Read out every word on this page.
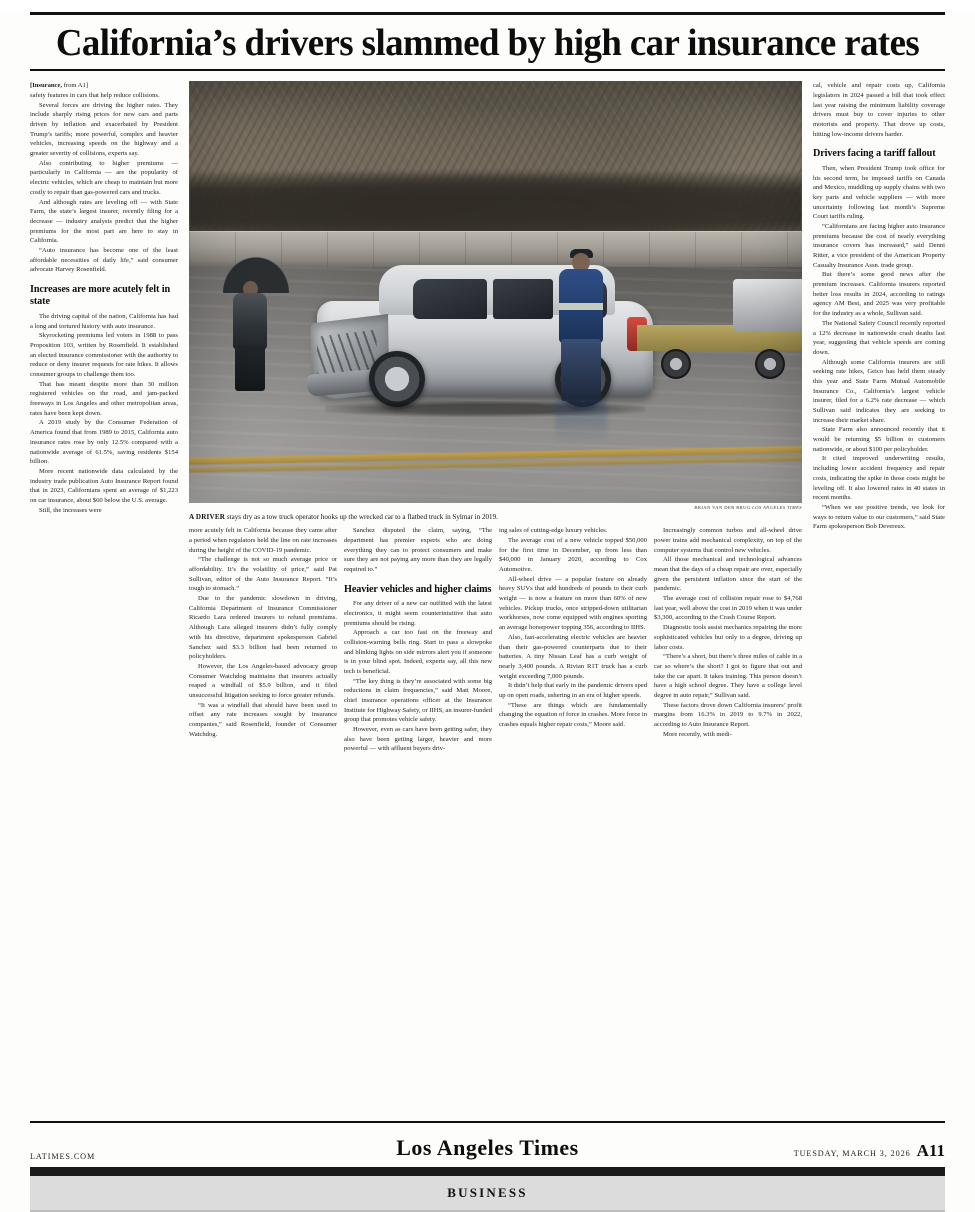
California’s drivers slammed by high car insurance rates
BRIAN VAN DER BRUG LOS ANGELES TIMES
A DRIVER stays dry as a tow truck operator hooks up the wrecked car to a flatbed truck in Sylmar in 2019.

[Insurance, from A1]

safety features in cars that help reduce collisions.

Several forces are driving the higher rates. They include sharply rising prices for new cars and parts driven by inflation and exacerbated by President Trump’s tariffs; more powerful, complex and heavier vehicles, increasing speeds on the highway and a greater severity of collisions, experts say.

Also contributing to higher premiums — particularly in California — are the popularity of electric vehicles, which are cheap to maintain but more costly to repair than gas-powered cars and trucks.

And although rates are leveling off — with State Farm, the state’s largest insurer, recently filing for a decrease — industry analysts predict that the higher premiums for the most part are here to stay in California.

“Auto insurance has become one of the least affordable necessities of daily life,” said consumer advocate Harvey Rosenfield.

Increases are more acutely felt in state

The driving capital of the nation, California has had a long and tortured history with auto insurance.

Skyrocketing premiums led voters in 1988 to pass Proposition 103, written by Rosenfield. It established an elected insurance commissioner with the authority to reduce or deny insurer requests for rate hikes. It allows consumer groups to challenge them too.

That has meant despite more than 30 million registered vehicles on the road, and jam-packed freeways in Los Angeles and other metropolitan areas, rates have been kept down.

A 2019 study by the Consumer Federation of America found that from 1989 to 2015, California auto insurance rates rose by only 12.5% compared with a nationwide average of 61.5%, saving residents $154 billion.

More recent nationwide data calculated by the industry trade publication Auto Insurance Report found that in 2023, Californians spent an average of $1,223 on car insurance, about $60 below the U.S. average.

Still, the increases were

more acutely felt in California because they came after a period when regulators held the line on rate increases during the height of the COVID-19 pandemic.

“The challenge is not so much average price or affordability. It’s the volatility of price,” said Pat Sullivan, editor of the Auto Insurance Report. “It’s tough to stomach.”

Due to the pandemic slowdown in driving, California Department of Insurance Commissioner Ricardo Lara ordered insurers to refund premiums. Although Lara alleged insurers didn’t fully comply with his directive, department spokesperson Gabriel Sanchez said $3.3 billion had been returned to policyholders.

However, the Los Angeles-based advocacy group Consumer Watchdog maintains that insurers actually reaped a windfall of $5.9 billion, and it filed unsuccessful litigation seeking to force greater refunds.

“It was a windfall that should have been used to offset any rate increases sought by insurance companies,” said Rosenfield, founder of Consumer Watchdog.

Sanchez disputed the claim, saying, “The department has premier experts who are doing everything they can to protect consumers and make sure they are not paying any more than they are legally required to.”

Heavier vehicles and higher claims

For any driver of a new car outfitted with the latest electronics, it might seem counterintuitive that auto premiums should be rising.

Approach a car too fast on the freeway and collision-warning bells ring. Start to pass a slowpoke and blinking lights on side mirrors alert you if someone is in your blind spot. Indeed, experts say, all this new tech is beneficial.

“The key thing is they’re associated with some big reductions in claim frequencies,” said Matt Moore, chief insurance operations officer at the Insurance Institute for Highway Safety, or IIHS, an insurer-funded group that promotes vehicle safety.

However, even as cars have been getting safer, they also have been getting larger, heavier and more powerful — with affluent buyers driv-

ing sales of cutting-edge luxury vehicles.

The average cost of a new vehicle topped $50,000 for the first time in December, up from less than $40,000 in January 2020, according to Cox Automotive.

All-wheel drive — a popular feature on already heavy SUVs that add hundreds of pounds to their curb weight — is now a feature on more than 60% of new vehicles. Pickup trucks, once stripped-down utilitarian workhorses, now come equipped with engines sporting an average horsepower topping 356, according to IIHS.

Also, fast-accelerating electric vehicles are heavier than their gas-powered counterparts due to their batteries. A tiny Nissan Leaf has a curb weight of nearly 3,400 pounds. A Rivian R1T truck has a curb weight exceeding 7,000 pounds.

It didn’t help that early in the pandemic drivers sped up on open roads, ushering in an era of higher speeds.

“These are things which are fundamentally changing the equation of force in crashes. More force in crashes equals higher repair costs,” Moore said.

Increasingly common turbos and all-wheel drive power trains add mechanical complexity, on top of the computer systems that control new vehicles.

All those mechanical and technological advances mean that the days of a cheap repair are over, especially given the persistent inflation since the start of the pandemic.

The average cost of collision repair rose to $4,768 last year, well above the cost in 2019 when it was under $3,300, according to the Crash Course Report.

Diagnostic tools assist mechanics repairing the more sophisticated vehicles but only to a degree, driving up labor costs.

“There’s a short, but there’s three miles of cable in a car so where’s the short? I got to figure that out and take the car apart. It takes training. This person doesn’t have a high school degree. They have a college level degree in auto repair,” Sullivan said.

These factors drove down California insurers’ profit margins from 16.3% in 2019 to 9.7% in 2022, according to Auto Insurance Report.

More recently, with medi-

cal, vehicle and repair costs up, California legislators in 2024 passed a bill that took effect last year raising the minimum liability coverage drivers must buy to cover injuries to other motorists and property. That drove up costs, hitting low-income drivers harder.

Drivers facing a tariff fallout

Then, when President Trump took office for his second term, he imposed tariffs on Canada and Mexico, muddling up supply chains with two key parts and vehicle suppliers — with more uncertainty following last month’s Supreme Court tariffs ruling.

“Californians are facing higher auto insurance premiums because the cost of nearly everything insurance covers has increased,” said Denni Ritter, a vice president of the American Property Casualty Insurance Assn. trade group.

But there’s some good news after the premium increases. California insurers reported better loss results in 2024, according to ratings agency AM Best, and 2025 was very profitable for the industry as a whole, Sullivan said.

The National Safety Council recently reported a 12% decrease in nationwide crash deaths last year, suggesting that vehicle speeds are coming down.

Although some California insurers are still seeking rate hikes, Geico has held them steady this year and State Farm Mutual Automobile Insurance Co., California’s largest vehicle insurer, filed for a 6.2% rate decrease — which Sullivan said indicates they are seeking to increase their market share.

State Farm also announced recently that it would be returning $5 billion to customers nationwide, or about $100 per policyholder.

It cited improved underwriting results, including lower accident frequency and repair costs, indicating the spike in those costs might be leveling off. It also lowered rates in 40 states in recent months.

“When we see positive trends, we look for ways to return value to our customers,” said State Farm spokesperson Bob Devereux.

LATIMES.COM	Los Angeles Times	TUESDAY, MARCH 3, 2026 A11
BUSINESS
